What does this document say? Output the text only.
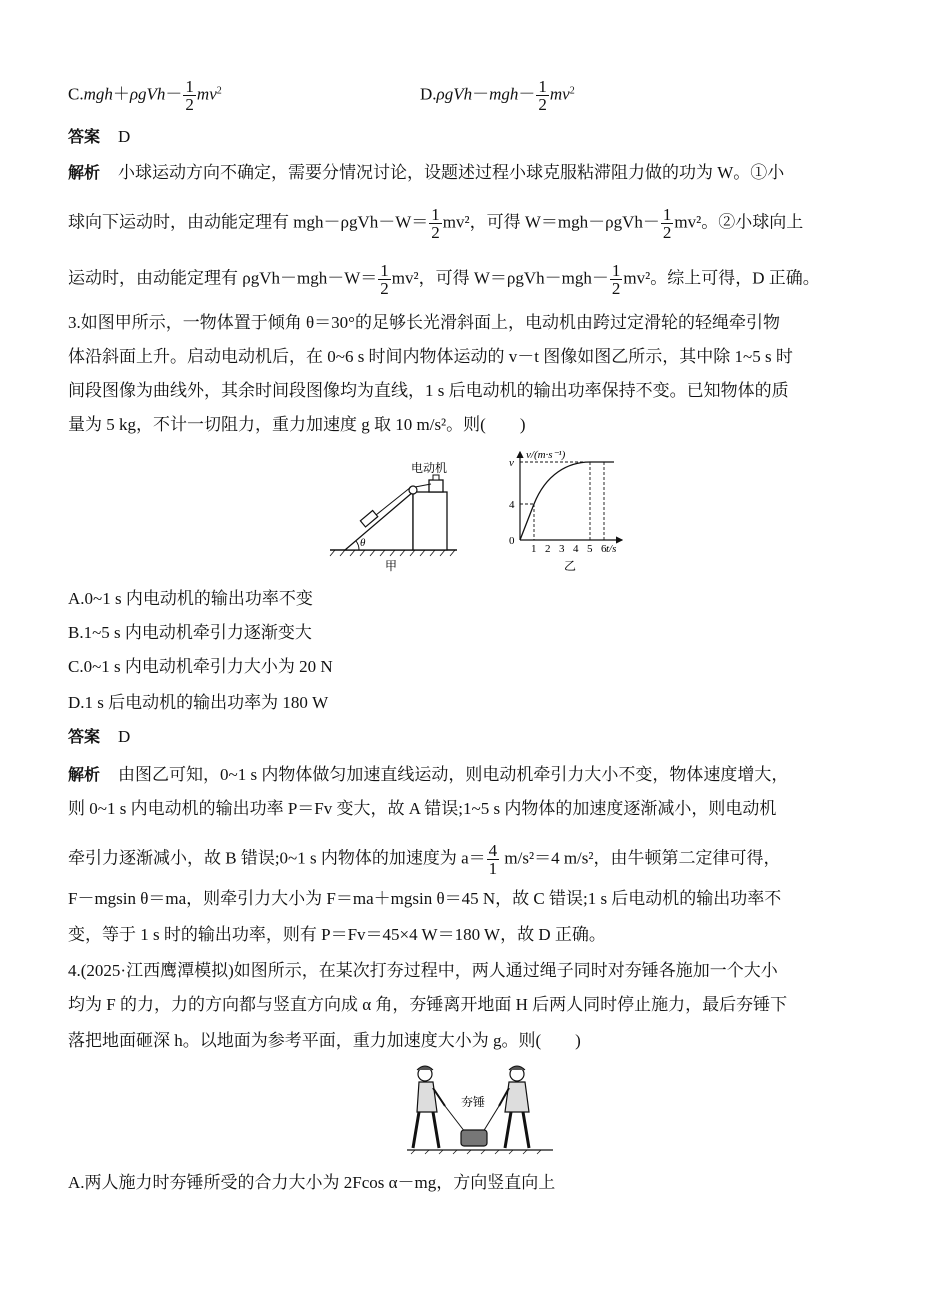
$C.mgh+\rho gVh- \frac{1}{2} mv^2$	$D.\rho gVh-mgh- \frac{1}{2} mv^2$
答案 D
解析 小球运动方向不确定，需要分情况讨论，设题述过程小球克服粘滞阻力做的功为 W。①小
球向下运动时，由动能定理有 $mgh-\rho gVh-W= \frac{1}{2} mv^2$，可得 $W=mgh-\rho gVh- \frac{1}{2} mv^2$。②小球向上
运动时，由动能定理有 $\rho gVh-mgh-W= \frac{1}{2} mv^2$，可得 $W=\rho gVh-mgh- \frac{1}{2} mv^2$。综上可得，D 正确。
3.如图甲所示，一物体置于倾角 θ＝30°的足够长光滑斜面上，电动机由跨过定滑轮的轻绳牵引物
体沿斜面上升。启动电动机后，在 0~6 s 时间内物体运动的 v－t 图像如图乙所示，其中除 1~5 s 时
间段图像为曲线外，其余时间段图像均为直线，1 s 后电动机的输出功率保持不变。已知物体的质
量为 5 kg，不计一切阻力，重力加速度 g 取 10 m/s²。则(　　)
θ
电动机
甲
1 2 3 4 5 6
4
v
v/(m·s⁻¹)
t/s
0
乙
A.0~1 s 内电动机的输出功率不变
B.1~5 s 内电动机牵引力逐渐变大
C.0~1 s 内电动机牵引力大小为 20 N
D.1 s 后电动机的输出功率为 180 W
答案 D
解析 由图乙可知，0~1 s 内物体做匀加速直线运动，则电动机牵引力大小不变，物体速度增大，
则 0~1 s 内电动机的输出功率 P＝Fv 变大，故 A 错误;1~5 s 内物体的加速度逐渐减小，则电动机
牵引力逐渐减小，故 B 错误;0~1 s 内物体的加速度为 $a= \frac{4}{1} m/s^2=4$ m/s²，由牛顿第二定律可得，
F－mgsin θ＝ma，则牵引力大小为 F＝ma＋mgsin θ＝45 N，故 C 错误;1 s 后电动机的输出功率不
变，等于 1 s 时的输出功率，则有 P＝Fv＝45×4 W＝180 W，故 D 正确。
4.(2025·江西鹰潭模拟)如图所示，在某次打夯过程中，两人通过绳子同时对夯锤各施加一个大小
均为 F 的力，力的方向都与竖直方向成 α 角，夯锤离开地面 H 后两人同时停止施力，最后夯锤下
落把地面砸深 h。以地面为参考平面，重力加速度大小为 g。则(　　)
夯锤
A.两人施力时夯锤所受的合力大小为 2Fcos α－mg，方向竖直向上
